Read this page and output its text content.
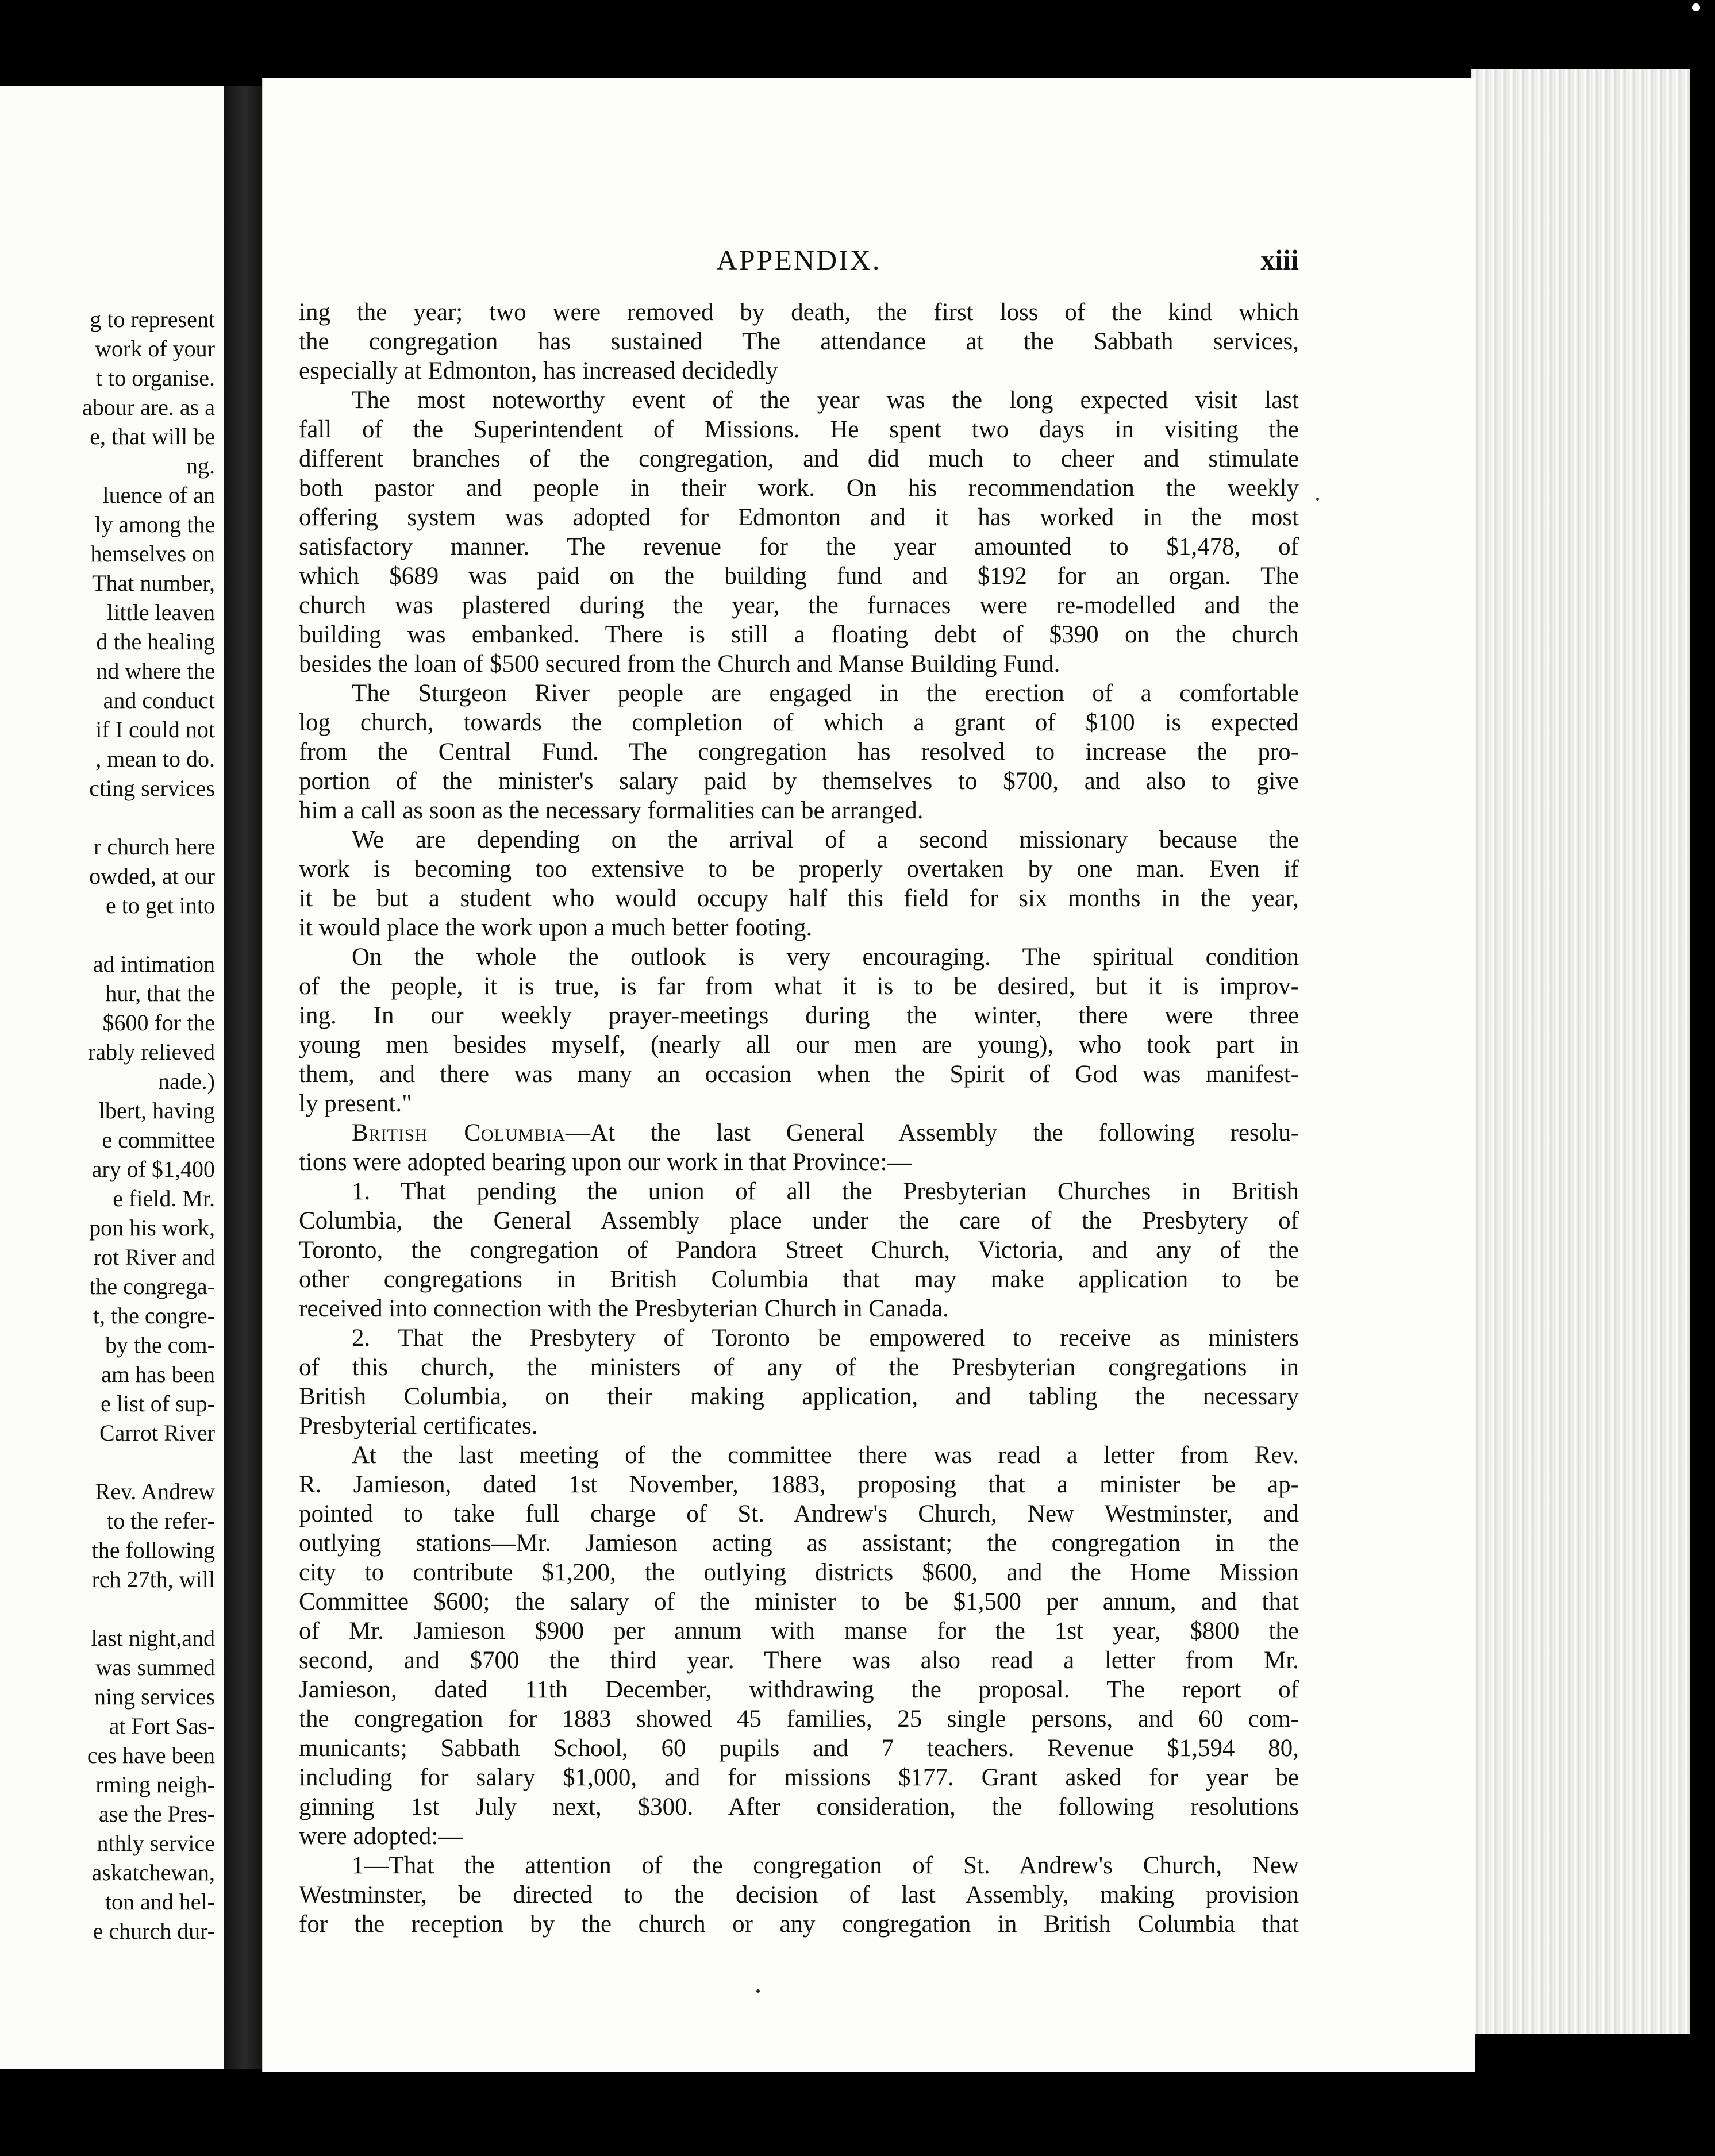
g to represent
work of your
t to organise.
abour are. as a
e, that will be
ng.
luence of an
ly among the
hemselves on
That number,
little leaven
d the healing
nd where the
and conduct
if I could not
, mean to do.
cting services
r church here
owded, at our
e to get into
ad intimation
hur, that the
$600 for the
rably relieved
nade.)
lbert, having
e committee
ary of $1,400
e field. Mr.
pon his work,
rot River and
the congrega-
t, the congre-
by the com-
am has been
e list of sup-
Carrot River
Rev. Andrew
to the refer-
the following
rch 27th, will
last night,and
was summed
ning services
at Fort Sas-
ces have been
rming neigh-
ase the Pres-
nthly service
askatchewan,
ton and hel-
e church dur-
APPENDIX.	xiii
ing the year; two were removed by death, the first loss of the kind which
the congregation has sustained The attendance at the Sabbath services,
especially at Edmonton, has increased decidedly
The most noteworthy event of the year was the long expected visit last
fall of the Superintendent of Missions. He spent two days in visiting the
different branches of the congregation, and did much to cheer and stimulate
both pastor and people in their work. On his recommendation the weekly
offering system was adopted for Edmonton and it has worked in the most
satisfactory manner. The revenue for the year amounted to $1,478, of
which $689 was paid on the building fund and $192 for an organ. The
church was plastered during the year, the furnaces were re-modelled and the
building was embanked. There is still a floating debt of $390 on the church
besides the loan of $500 secured from the Church and Manse Building Fund.
The Sturgeon River people are engaged in the erection of a comfortable
log church, towards the completion of which a grant of $100 is expected
from the Central Fund. The congregation has resolved to increase the pro-
portion of the minister's salary paid by themselves to $700, and also to give
him a call as soon as the necessary formalities can be arranged.
We are depending on the arrival of a second missionary because the
work is becoming too extensive to be properly overtaken by one man. Even if
it be but a student who would occupy half this field for six months in the year,
it would place the work upon a much better footing.
On the whole the outlook is very encouraging. The spiritual condition
of the people, it is true, is far from what it is to be desired, but it is improv-
ing. In our weekly prayer-meetings during the winter, there were three
young men besides myself, (nearly all our men are young), who took part in
them, and there was many an occasion when the Spirit of God was manifest-
ly present."
British Columbia—At the last General Assembly the following resolu-
tions were adopted bearing upon our work in that Province:—
1. That pending the union of all the Presbyterian Churches in British
Columbia, the General Assembly place under the care of the Presbytery of
Toronto, the congregation of Pandora Street Church, Victoria, and any of the
other congregations in British Columbia that may make application to be
received into connection with the Presbyterian Church in Canada.
2. That the Presbytery of Toronto be empowered to receive as ministers
of this church, the ministers of any of the Presbyterian congregations in
British Columbia, on their making application, and tabling the necessary
Presbyterial certificates.
At the last meeting of the committee there was read a letter from Rev.
R. Jamieson, dated 1st November, 1883, proposing that a minister be ap-
pointed to take full charge of St. Andrew's Church, New Westminster, and
outlying stations—Mr. Jamieson acting as assistant; the congregation in the
city to contribute $1,200, the outlying districts $600, and the Home Mission
Committee $600; the salary of the minister to be $1,500 per annum, and that
of Mr. Jamieson $900 per annum with manse for the 1st year, $800 the
second, and $700 the third year. There was also read a letter from Mr.
Jamieson, dated 11th December, withdrawing the proposal. The report of
the congregation for 1883 showed 45 families, 25 single persons, and 60 com-
municants; Sabbath School, 60 pupils and 7 teachers. Revenue $1,594 80,
including for salary $1,000, and for missions $177. Grant asked for year be
ginning 1st July next, $300. After consideration, the following resolutions
were adopted:—
1—That the attention of the congregation of St. Andrew's Church, New
Westminster, be directed to the decision of last Assembly, making provision
for the reception by the church or any congregation in British Columbia that
